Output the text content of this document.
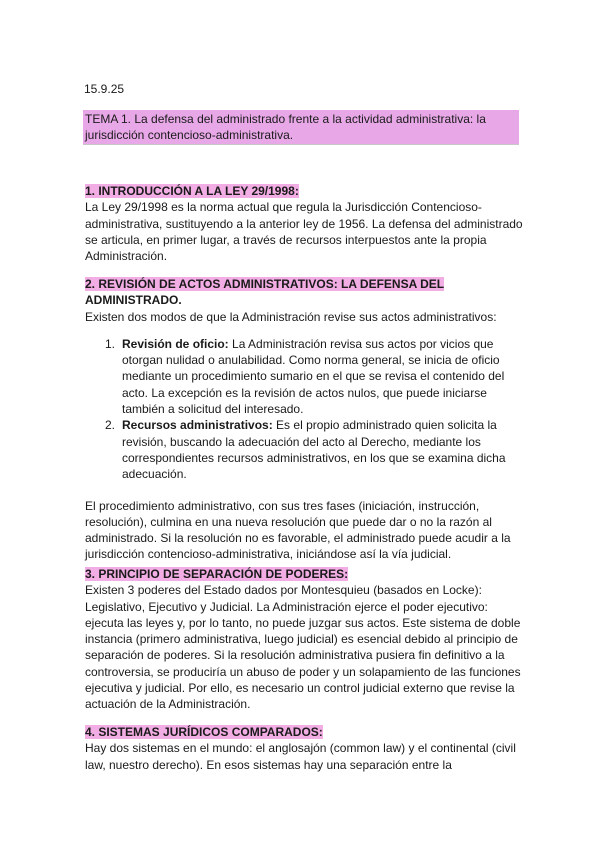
15.9.25
TEMA 1. La defensa del administrado frente a la actividad administrativa: la jurisdicción contencioso-administrativa.
1. INTRODUCCIÓN A LA LEY 29/1998:
La Ley 29/1998 es la norma actual que regula la Jurisdicción Contencioso-administrativa, sustituyendo a la anterior ley de 1956. La defensa del administrado se articula, en primer lugar, a través de recursos interpuestos ante la propia Administración.
2. REVISIÓN DE ACTOS ADMINISTRATIVOS: LA DEFENSA DEL
ADMINISTRADO.
Existen dos modos de que la Administración revise sus actos administrativos:
1. Revisión de oficio: La Administración revisa sus actos por vicios que otorgan nulidad o anulabilidad. Como norma general, se inicia de oficio mediante un procedimiento sumario en el que se revisa el contenido del acto. La excepción es la revisión de actos nulos, que puede iniciarse también a solicitud del interesado.
2. Recursos administrativos: Es el propio administrado quien solicita la revisión, buscando la adecuación del acto al Derecho, mediante los correspondientes recursos administrativos, en los que se examina dicha adecuación.
El procedimiento administrativo, con sus tres fases (iniciación, instrucción, resolución), culmina en una nueva resolución que puede dar o no la razón al administrado. Si la resolución no es favorable, el administrado puede acudir a la jurisdicción contencioso-administrativa, iniciándose así la vía judicial.
3. PRINCIPIO DE SEPARACIÓN DE PODERES:
Existen 3 poderes del Estado dados por Montesquieu (basados en Locke): Legislativo, Ejecutivo y Judicial. La Administración ejerce el poder ejecutivo: ejecuta las leyes y, por lo tanto, no puede juzgar sus actos. Este sistema de doble instancia (primero administrativa, luego judicial) es esencial debido al principio de separación de poderes. Si la resolución administrativa pusiera fin definitivo a la controversia, se produciría un abuso de poder y un solapamiento de las funciones ejecutiva y judicial. Por ello, es necesario un control judicial externo que revise la actuación de la Administración.
4. SISTEMAS JURÍDICOS COMPARADOS:
Hay dos sistemas en el mundo: el anglosajón (common law) y el continental (civil law, nuestro derecho). En esos sistemas hay una separación entre la
